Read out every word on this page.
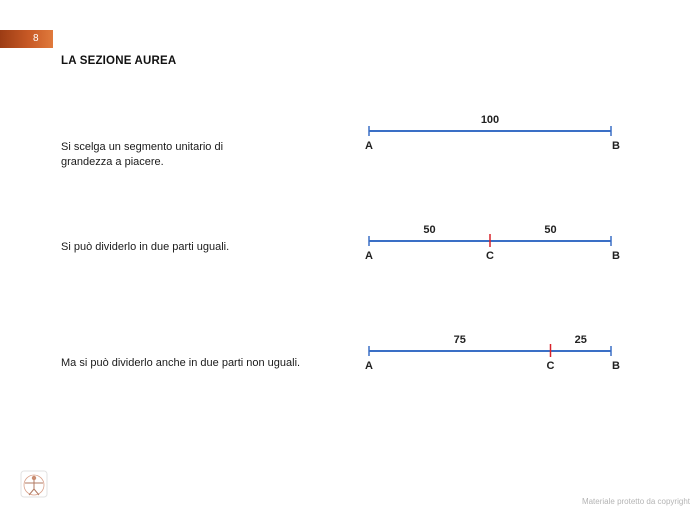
8
LA SEZIONE AUREA
Si scelga un segmento unitario di
grandezza a piacere.
Si può dividerlo in due parti uguali.
Ma si può dividerlo anche in due parti non uguali.
A	B
100
A	B
C
50	50
A	B
C
75	25
Materiale protetto da copyright
